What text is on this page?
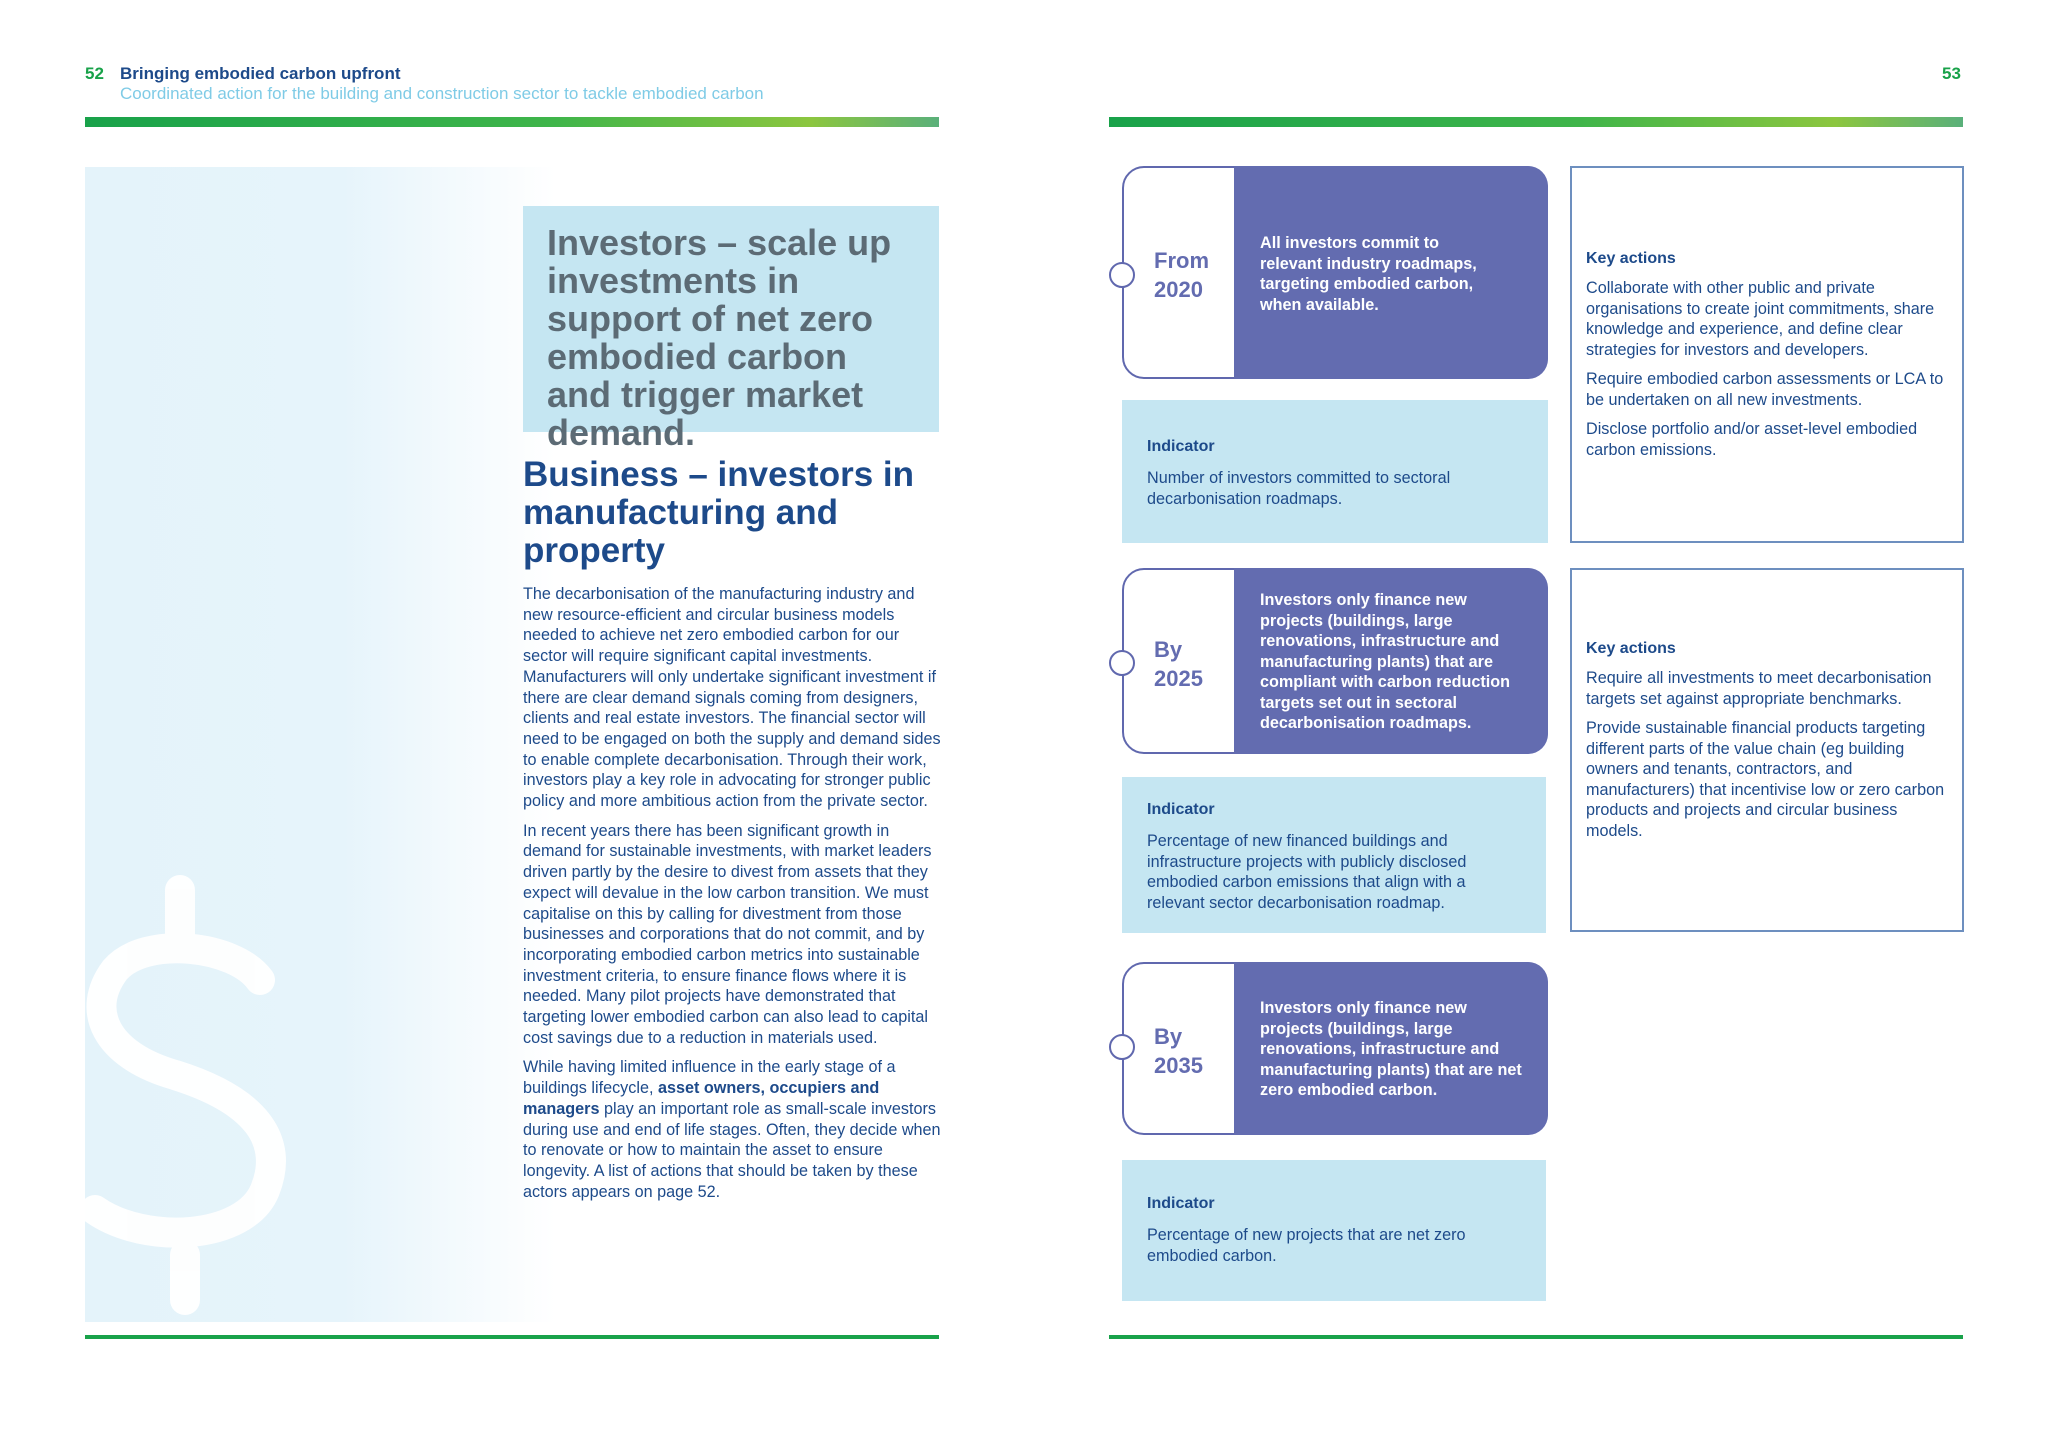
52 Bringing embodied carbon upfront
Coordinated action for the building and construction sector to tackle embodied carbon
53

Investors – scale up investments in support of net zero embodied carbon and trigger market demand.

Business – investors in manufacturing and property

The decarbonisation of the manufacturing industry and new resource-efficient and circular business models needed to achieve net zero embodied carbon for our sector will require significant capital investments. Manufacturers will only undertake significant investment if there are clear demand signals coming from designers, clients and real estate investors. The financial sector will need to be engaged on both the supply and demand sides to enable complete decarbonisation. Through their work, investors play a key role in advocating for stronger public policy and more ambitious action from the private sector.

In recent years there has been significant growth in demand for sustainable investments, with market leaders driven partly by the desire to divest from assets that they expect will devalue in the low carbon transition. We must capitalise on this by calling for divestment from those businesses and corporations that do not commit, and by incorporating embodied carbon metrics into sustainable investment criteria, to ensure finance flows where it is needed. Many pilot projects have demonstrated that targeting lower embodied carbon can also lead to capital cost savings due to a reduction in materials used.

While having limited influence in the early stage of a buildings lifecycle, asset owners, occupiers and managers play an important role as small-scale investors during use and end of life stages. Often, they decide when to renovate or how to maintain the asset to ensure longevity. A list of actions that should be taken by these actors appears on page 52.

From
2020
All investors commit to relevant industry roadmaps, targeting embodied carbon, when available.
Indicator
Number of investors committed to sectoral decarbonisation roadmaps.
Key actions
Collaborate with other public and private organisations to create joint commitments, share knowledge and experience, and define clear strategies for investors and developers.
Require embodied carbon assessments or LCA to be undertaken on all new investments.
Disclose portfolio and/or asset-level embodied carbon emissions.
By
2025
Investors only finance new projects (buildings, large renovations, infrastructure and manufacturing plants) that are compliant with carbon reduction targets set out in sectoral decarbonisation roadmaps.
Indicator
Percentage of new financed buildings and infrastructure projects with publicly disclosed embodied carbon emissions that align with a relevant sector decarbonisation roadmap.
Key actions
Require all investments to meet decarbonisation targets set against appropriate benchmarks.
Provide sustainable financial products targeting different parts of the value chain (eg building owners and tenants, contractors, and manufacturers) that incentivise low or zero carbon products and projects and circular business models.
By
2035
Investors only finance new projects (buildings, large renovations, infrastructure and manufacturing plants) that are net zero embodied carbon.
Indicator
Percentage of new projects that are net zero embodied carbon.
